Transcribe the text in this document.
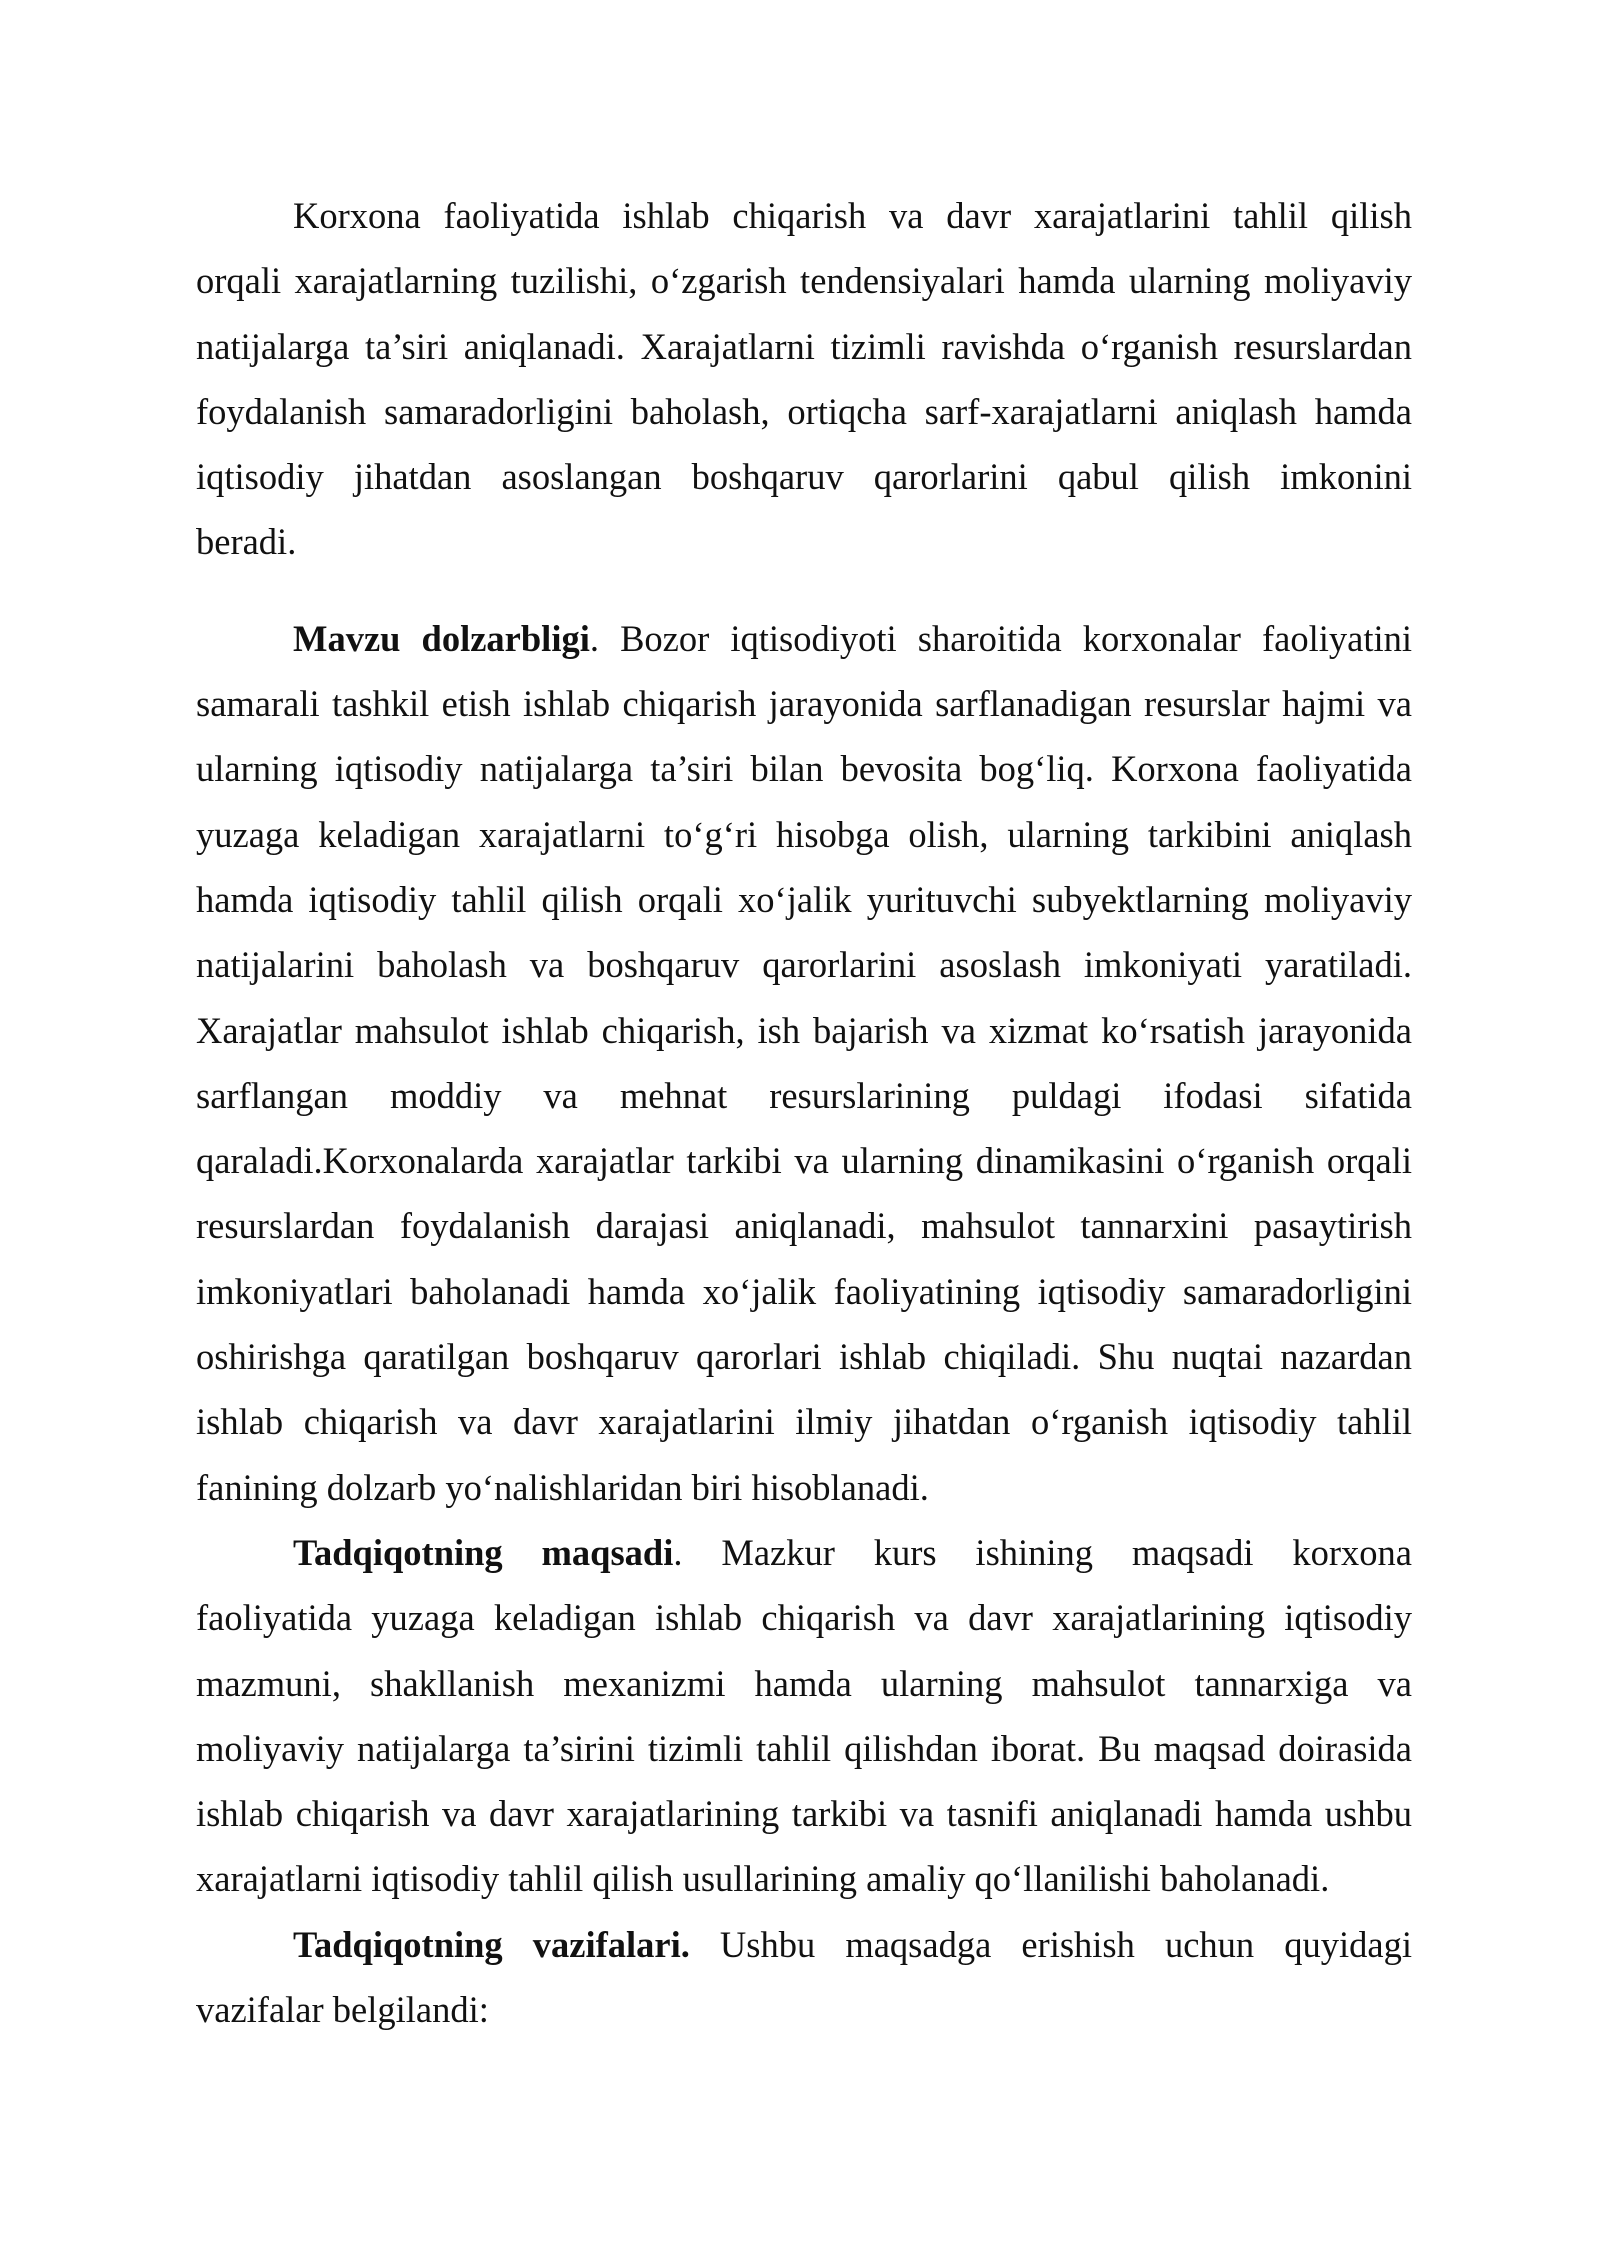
Korxona faoliyatida ishlab chiqarish va davr xarajatlarini tahlil qilish
orqali xarajatlarning tuzilishi, o‘zgarish tendensiyalari hamda ularning moliyaviy
natijalarga ta’siri aniqlanadi. Xarajatlarni tizimli ravishda o‘rganish resurslardan
foydalanish samaradorligini baholash, ortiqcha sarf-xarajatlarni aniqlash hamda
iqtisodiy jihatdan asoslangan boshqaruv qarorlarini qabul qilish imkonini
beradi.
Mavzu dolzarbligi. Bozor iqtisodiyoti sharoitida korxonalar faoliyatini
samarali tashkil etish ishlab chiqarish jarayonida sarflanadigan resurslar hajmi va
ularning iqtisodiy natijalarga ta’siri bilan bevosita bog‘liq. Korxona faoliyatida
yuzaga keladigan xarajatlarni to‘g‘ri hisobga olish, ularning tarkibini aniqlash
hamda iqtisodiy tahlil qilish orqali xo‘jalik yurituvchi subyektlarning moliyaviy
natijalarini baholash va boshqaruv qarorlarini asoslash imkoniyati yaratiladi.
Xarajatlar mahsulot ishlab chiqarish, ish bajarish va xizmat ko‘rsatish jarayonida
sarflangan moddiy va mehnat resurslarining puldagi ifodasi sifatida
qaraladi.Korxonalarda xarajatlar tarkibi va ularning dinamikasini o‘rganish orqali
resurslardan foydalanish darajasi aniqlanadi, mahsulot tannarxini pasaytirish
imkoniyatlari baholanadi hamda xo‘jalik faoliyatining iqtisodiy samaradorligini
oshirishga qaratilgan boshqaruv qarorlari ishlab chiqiladi. Shu nuqtai nazardan
ishlab chiqarish va davr xarajatlarini ilmiy jihatdan o‘rganish iqtisodiy tahlil
fanining dolzarb yo‘nalishlaridan biri hisoblanadi.
Tadqiqotning maqsadi. Mazkur kurs ishining maqsadi korxona
faoliyatida yuzaga keladigan ishlab chiqarish va davr xarajatlarining iqtisodiy
mazmuni, shakllanish mexanizmi hamda ularning mahsulot tannarxiga va
moliyaviy natijalarga ta’sirini tizimli tahlil qilishdan iborat. Bu maqsad doirasida
ishlab chiqarish va davr xarajatlarining tarkibi va tasnifi aniqlanadi hamda ushbu
xarajatlarni iqtisodiy tahlil qilish usullarining amaliy qo‘llanilishi baholanadi.
Tadqiqotning vazifalari. Ushbu maqsadga erishish uchun quyidagi
vazifalar belgilandi:
